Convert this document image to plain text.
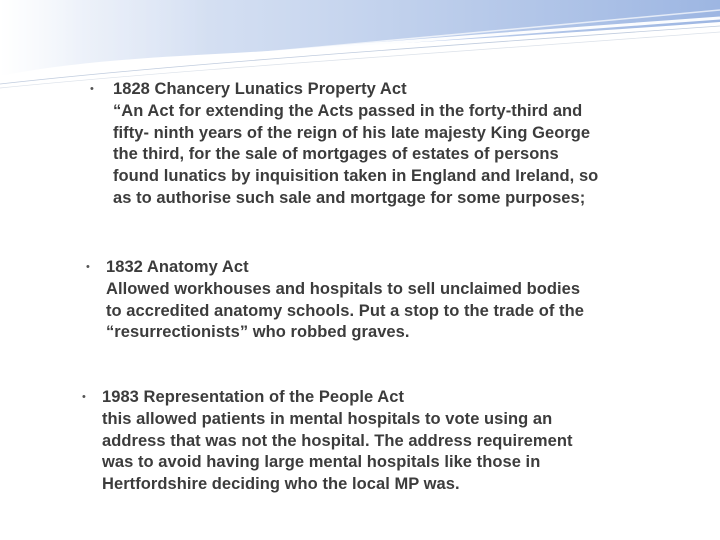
• 1828 Chancery Lunatics Property Act
“An Act for extending the Acts passed in the forty-third and
fifty- ninth years of the reign of his late majesty King George
the third, for the sale of mortgages of estates of persons
found lunatics by inquisition taken in England and Ireland, so
as to authorise such sale and mortgage for some purposes;
• 1832 Anatomy Act
Allowed workhouses and hospitals to sell unclaimed bodies
to accredited anatomy schools. Put a stop to the trade of the
“resurrectionists” who robbed graves.
• 1983 Representation of the People Act
this allowed patients in mental hospitals to vote using an
address that was not the hospital. The address requirement
was to avoid having large mental hospitals like those in
Hertfordshire deciding who the local MP was.
